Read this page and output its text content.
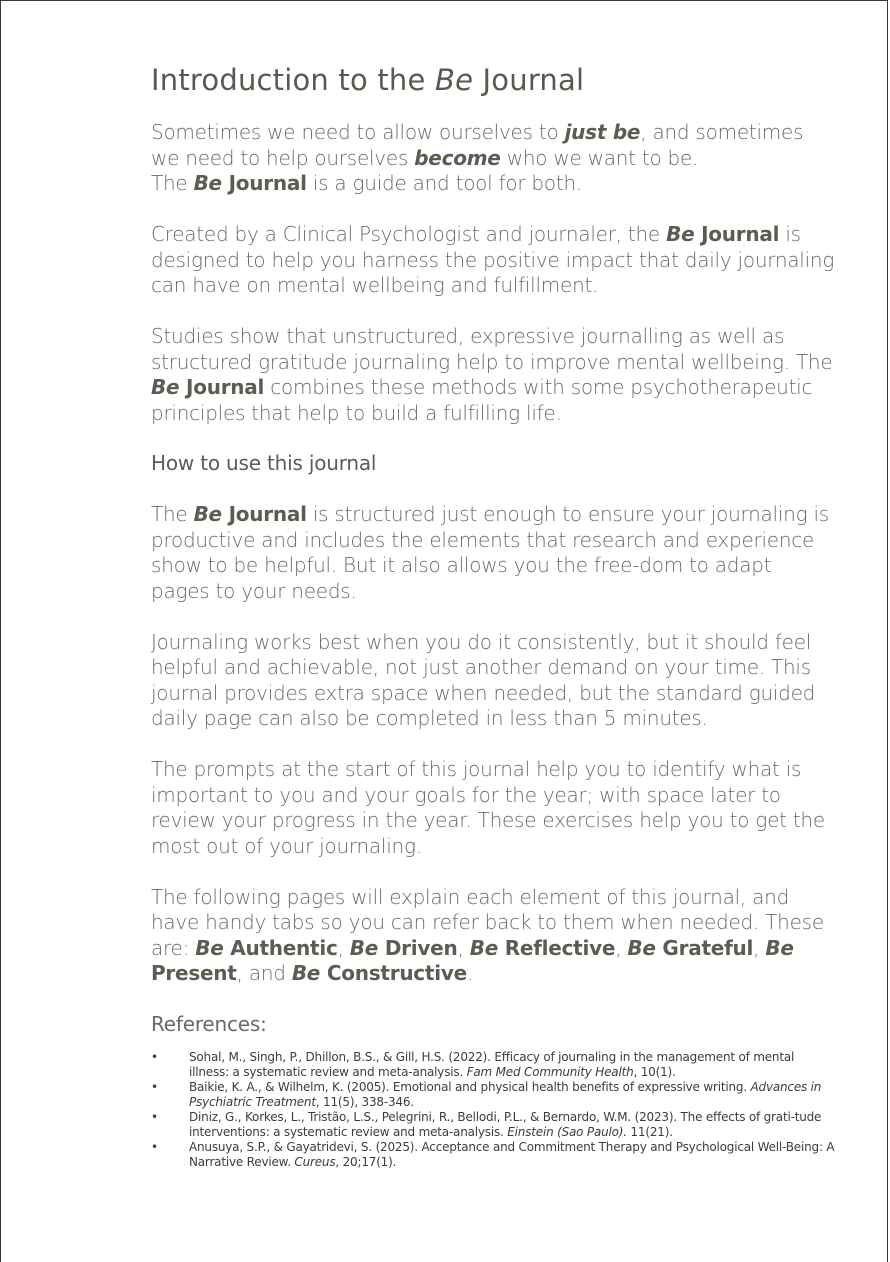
Introduction to the Be Journal

Sometimes we need to allow ourselves to just be, and sometimes we need to help ourselves become who we want to be.
The Be Journal is a guide and tool for both.

Created by a Clinical Psychologist and journaler, the Be Journal is designed to help you harness the positive impact that daily journaling can have on mental wellbeing and fulfillment.

Studies show that unstructured, expressive journalling as well as structured gratitude journaling help to improve mental wellbeing. The Be Journal combines these methods with some psychotherapeutic principles that help to build a fulfilling life.

How to use this journal

The Be Journal is structured just enough to ensure your journaling is productive and includes the elements that research and experience show to be helpful. But it also allows you the free-dom to adapt pages to your needs.

Journaling works best when you do it consistently, but it should feel helpful and achievable, not just another demand on your time. This journal provides extra space when needed, but the standard guided daily page can also be completed in less than 5 minutes.

The prompts at the start of this journal help you to identify what is important to you and your goals for the year; with space later to review your progress in the year. These exercises help you to get the most out of your journaling.

The following pages will explain each element of this journal, and have handy tabs so you can refer back to them when needed. These are: Be Authentic, Be Driven, Be Reflective, Be Grateful, Be Present, and Be Constructive.

References:
•	Sohal, M., Singh, P., Dhillon, B.S., & Gill, H.S. (2022). Efficacy of journaling in the management of mental illness: a systematic review and meta-analysis. Fam Med Community Health, 10(1).
•	Baikie, K. A., & Wilhelm, K. (2005). Emotional and physical health benefits of expressive writing. Advances in Psychiatric Treatment, 11(5), 338-346.
•	Diniz, G., Korkes, L., Tristão, L.S., Pelegrini, R., Bellodi, P.L., & Bernardo, W.M. (2023). The effects of grati-tude interventions: a systematic review and meta-analysis. Einstein (Sao Paulo). 11(21).
•	Anusuya, S.P., & Gayatridevi, S. (2025). Acceptance and Commitment Therapy and Psychological Well-Being: A Narrative Review. Cureus, 20;17(1).
